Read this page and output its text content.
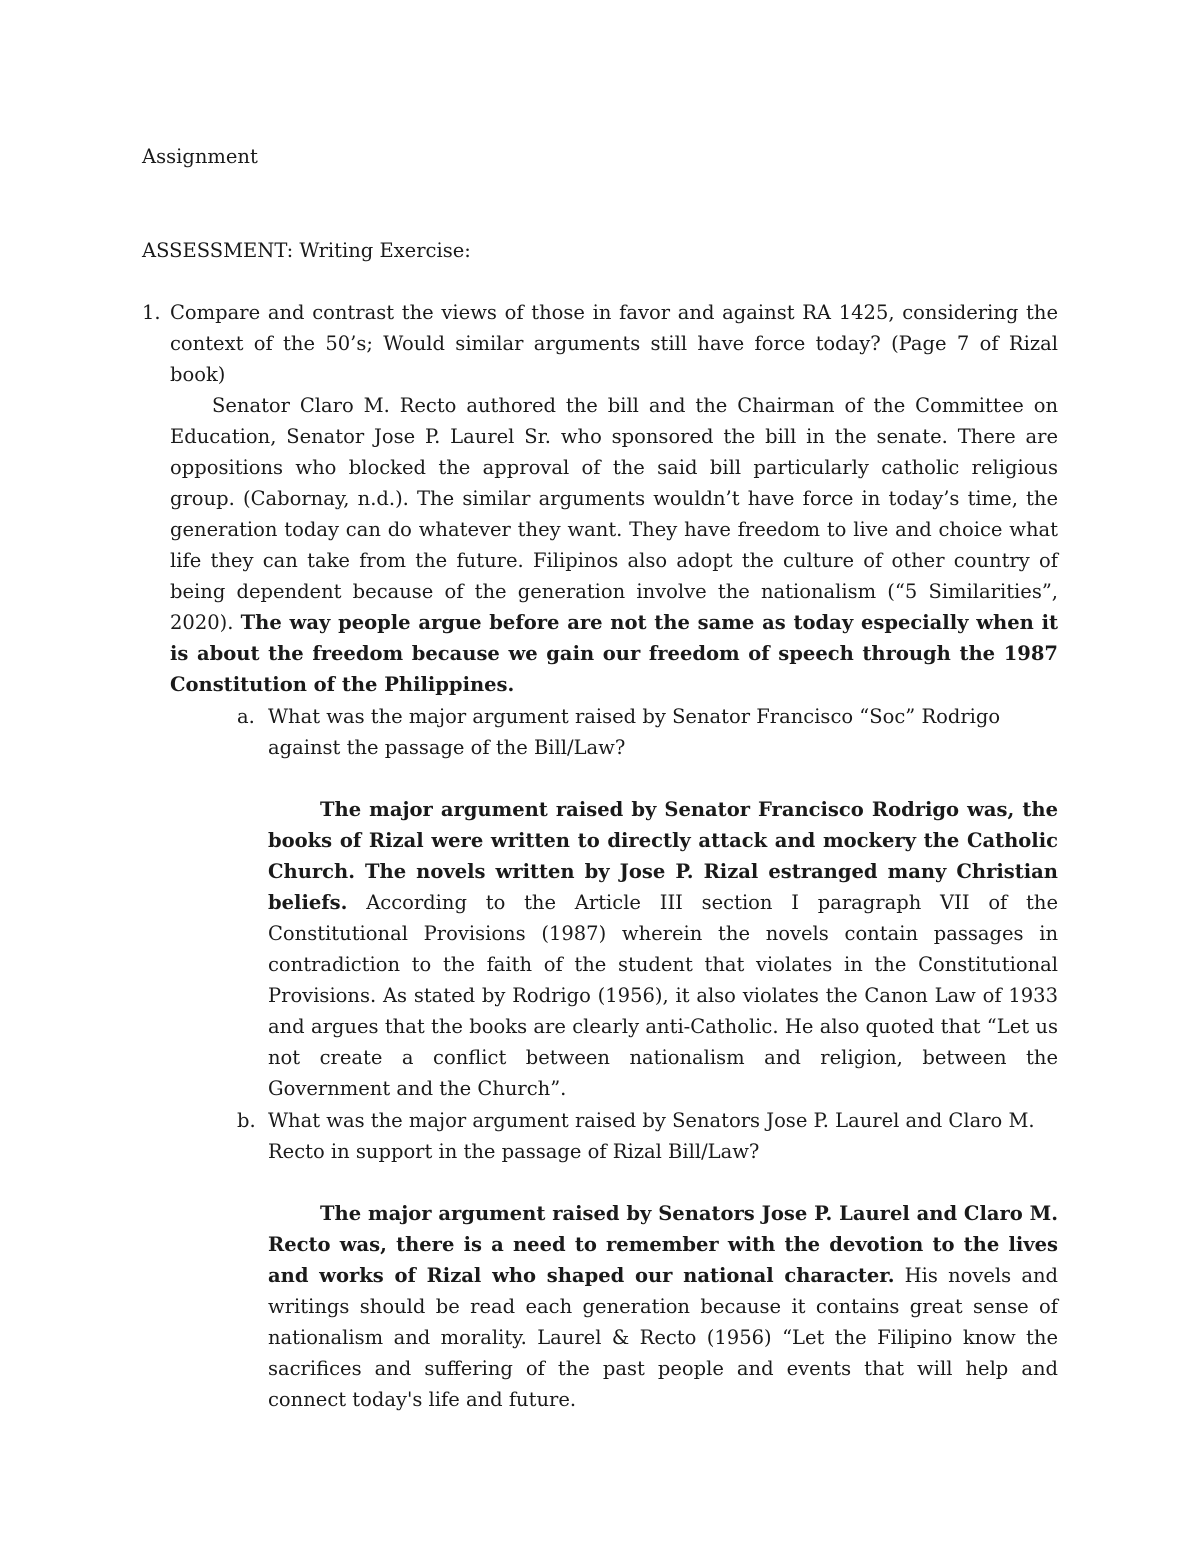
Assignment

ASSESSMENT: Writing Exercise:

1. Compare and contrast the views of those in favor and against RA 1425, considering the context of the 50’s; Would similar arguments still have force today? (Page 7 of Rizal book)

Senator Claro M. Recto authored the bill and the Chairman of the Committee on Education, Senator Jose P. Laurel Sr. who sponsored the bill in the senate. There are oppositions who blocked the approval of the said bill particularly catholic religious group. (Cabornay, n.d.). The similar arguments wouldn’t have force in today’s time, the generation today can do whatever they want. They have freedom to live and choice what life they can take from the future. Filipinos also adopt the culture of other country of being dependent because of the generation involve the nationalism (“5 Similarities”, 2020). The way people argue before are not the same as today especially when it is about the freedom because we gain our freedom of speech through the 1987 Constitution of the Philippines.

a. What was the major argument raised by Senator Francisco “Soc” Rodrigo against the passage of the Bill/Law?

The major argument raised by Senator Francisco Rodrigo was, the books of Rizal were written to directly attack and mockery the Catholic Church. The novels written by Jose P. Rizal estranged many Christian beliefs. According to the Article III section I paragraph VII of the Constitutional Provisions (1987) wherein the novels contain passages in contradiction to the faith of the student that violates in the Constitutional Provisions. As stated by Rodrigo (1956), it also violates the Canon Law of 1933 and argues that the books are clearly anti-Catholic. He also quoted that “Let us not create a conflict between nationalism and religion, between the Government and the Church”.

b. What was the major argument raised by Senators Jose P. Laurel and Claro M. Recto in support in the passage of Rizal Bill/Law?

The major argument raised by Senators Jose P. Laurel and Claro M. Recto was, there is a need to remember with the devotion to the lives and works of Rizal who shaped our national character. His novels and writings should be read each generation because it contains great sense of nationalism and morality. Laurel & Recto (1956) “Let the Filipino know the sacrifices and suffering of the past people and events that will help and connect today's life and future.
